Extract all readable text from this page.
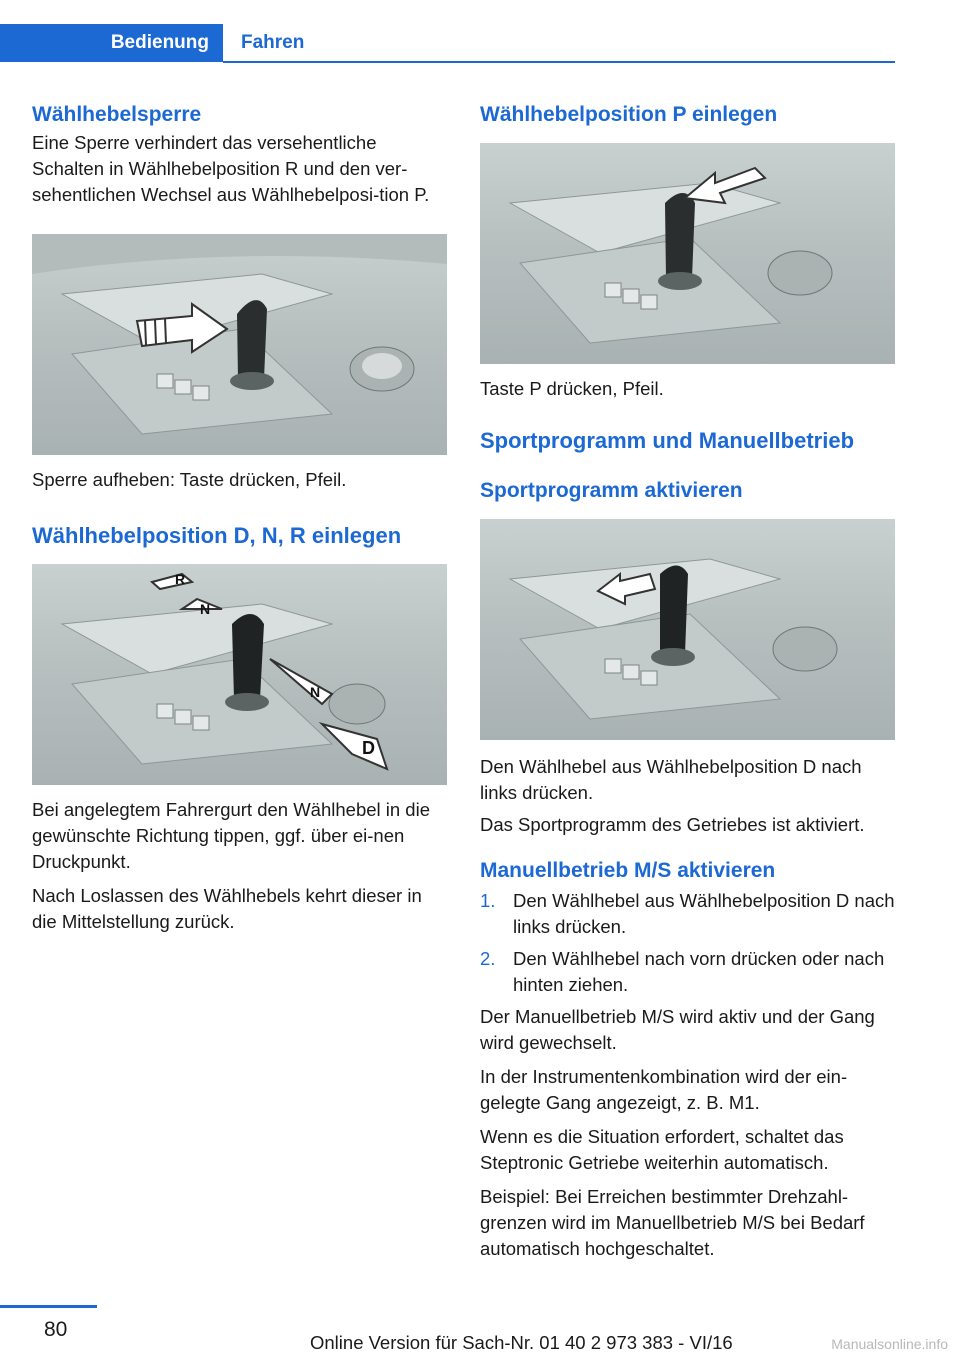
Bedienung	Fahren
Wählhebelsperre

Eine Sperre verhindert das versehentliche Schalten in Wählhebelposition R und den ver-sehentlichen Wechsel aus Wählhebelposi-tion P.

Sperre aufheben: Taste drücken, Pfeil.

Wählhebelposition D, N, R einlegen
R
N
N
D

Bei angelegtem Fahrergurt den Wählhebel in die gewünschte Richtung tippen, ggf. über ei-nen Druckpunkt.

Nach Loslassen des Wählhebels kehrt dieser in die Mittelstellung zurück.

Wählhebelposition P einlegen

Taste P drücken, Pfeil.

Sportprogramm und Manuellbetrieb
Sportprogramm aktivieren

Den Wählhebel aus Wählhebelposition D nach links drücken.

Das Sportprogramm des Getriebes ist aktiviert.

Manuellbetrieb M/S aktivieren
1. Den Wählhebel aus Wählhebelposition D nach links drücken.
2. Den Wählhebel nach vorn drücken oder nach hinten ziehen.

Der Manuellbetrieb M/S wird aktiv und der Gang wird gewechselt.

In der Instrumentenkombination wird der ein-gelegte Gang angezeigt, z. B. M1.

Wenn es die Situation erfordert, schaltet das Steptronic Getriebe weiterhin automatisch.

Beispiel: Bei Erreichen bestimmter Drehzahl-grenzen wird im Manuellbetrieb M/S bei Bedarf automatisch hochgeschaltet.

80
Online Version für Sach-Nr. 01 40 2 973 383 - VI/16	Manualsonline.info
